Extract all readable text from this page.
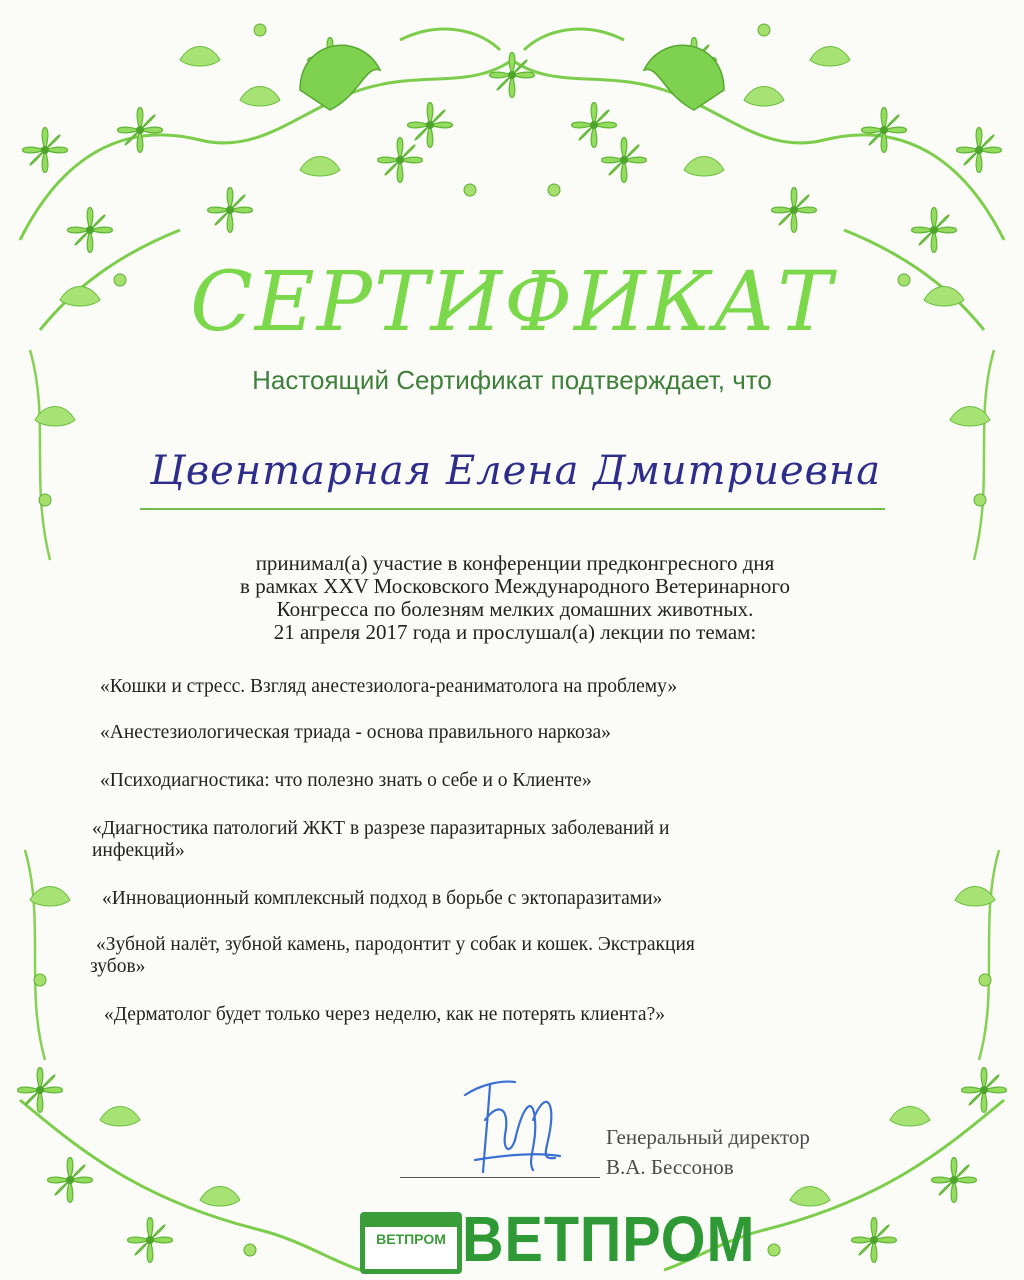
СЕРТИФИКАТ
Настоящий Сертификат подтверждает, что
Цвентарная Елена Дмитриевна
принимал(а) участие в конференции предконгресного дня
в рамках XXV Московского Международного Ветеринарного
Конгресса по болезням мелких домашних животных.
21 апреля 2017 года и прослушал(а) лекции по темам:
«Кошки и стресс. Взгляд анестезиолога-реаниматолога на проблему»
«Анестезиологическая триада - основа правильного наркоза»
«Психодиагностика: что полезно знать о себе и о Клиенте»
«Диагностика патологий ЖКТ в разрезе паразитарных заболеваний и
инфекций»
«Инновационный комплексный подход в борьбе с эктопаразитами»
«Зубной налёт, зубной камень, пародонтит у собак и кошек. Экстракция
зубов»
«Дерматолог будет только через неделю, как не потерять клиента?»
Генеральный директор
В.А. Бессонов
ВЕТПРОМ ВЕТПРОМ
